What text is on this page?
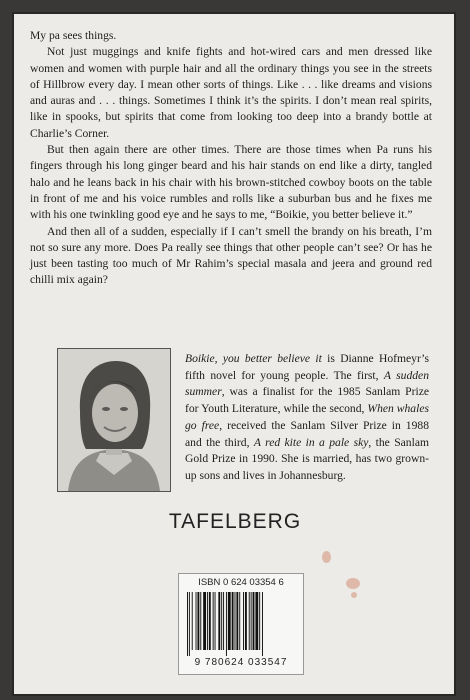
My pa sees things.

Not just muggings and knife fights and hot-wired cars and men dressed like women and women with purple hair and all the ordinary things you see in the streets of Hillbrow every day. I mean other sorts of things. Like . . . like dreams and visions and auras and . . . things. Sometimes I think it’s the spirits. I don’t mean real spirits, like in spooks, but spirits that come from looking too deep into a brandy bottle at Charlie’s Corner.

But then again there are other times. There are those times when Pa runs his fingers through his long ginger beard and his hair stands on end like a dirty, tangled halo and he leans back in his chair with his brown-stitched cowboy boots on the table in front of me and his voice rumbles and rolls like a suburban bus and he fixes me with his one twinkling good eye and he says to me, “Boikie, you better believe it.”

And then all of a sudden, especially if I can’t smell the brandy on his breath, I’m not so sure any more. Does Pa really see things that other people can’t see? Or has he just been tasting too much of Mr Rahim’s special masala and jeera and ground red chilli mix again?

Boikie, you better believe it is Dianne Hofmeyr’s fifth novel for young people. The first, A sudden summer, was a finalist for the 1985 Sanlam Prize for Youth Literature, while the second, When whales go free, received the Sanlam Silver Prize in 1988 and the third, A red kite in a pale sky, the Sanlam Gold Prize in 1990. She is married, has two grown-up sons and lives in Johannesburg.
TAFELBERG
ISBN 0 624 03354 6
9 780624 033547
